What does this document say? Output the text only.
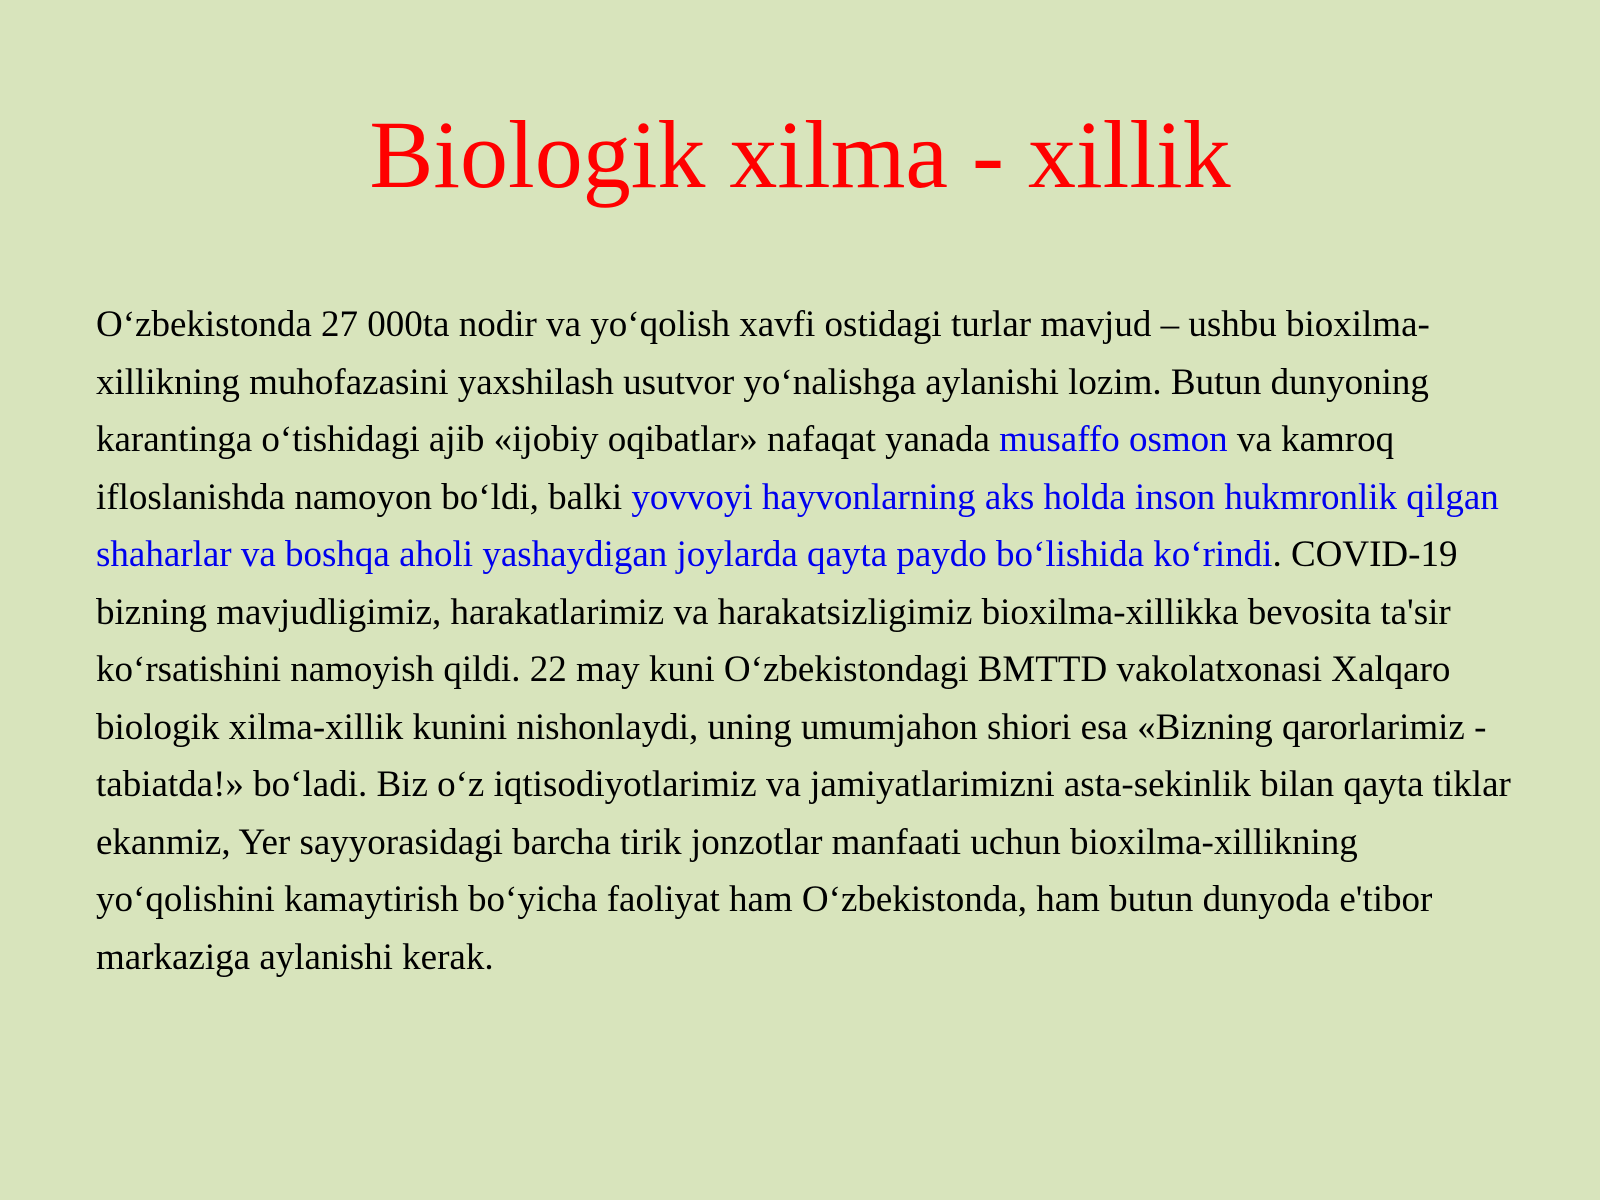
Biologik xilma - xillik

O‘zbekistonda 27 000ta nodir va yo‘qolish xavfi ostidagi turlar mavjud – ushbu bioxilma-xillikning muhofazasini yaxshilash usutvor yo‘nalishga aylanishi lozim. Butun dunyoning karantinga o‘tishidagi ajib «ijobiy oqibatlar» nafaqat yanada musaffo osmon va kamroq ifloslanishda namoyon bo‘ldi, balki yovvoyi hayvonlarning aks holda inson hukmronlik qilgan shaharlar va boshqa aholi yashaydigan joylarda qayta paydo bo‘lishida ko‘rindi. COVID-19 bizning mavjudligimiz, harakatlarimiz va harakatsizligimiz bioxilma-xillikka bevosita ta'sir ko‘rsatishini namoyish qildi. 22 may kuni O‘zbekistondagi BMTTD vakolatxonasi Xalqaro biologik xilma-xillik kunini nishonlaydi, uning umumjahon shiori esa «Bizning qarorlarimiz - tabiatda!» bo‘ladi. Biz o‘z iqtisodiyotlarimiz va jamiyatlarimizni asta-sekinlik bilan qayta tiklar ekanmiz, Yer sayyorasidagi barcha tirik jonzotlar manfaati uchun bioxilma-xillikning yo‘qolishini kamaytirish bo‘yicha faoliyat ham O‘zbekistonda, ham butun dunyoda e'tibor markaziga aylanishi kerak.
